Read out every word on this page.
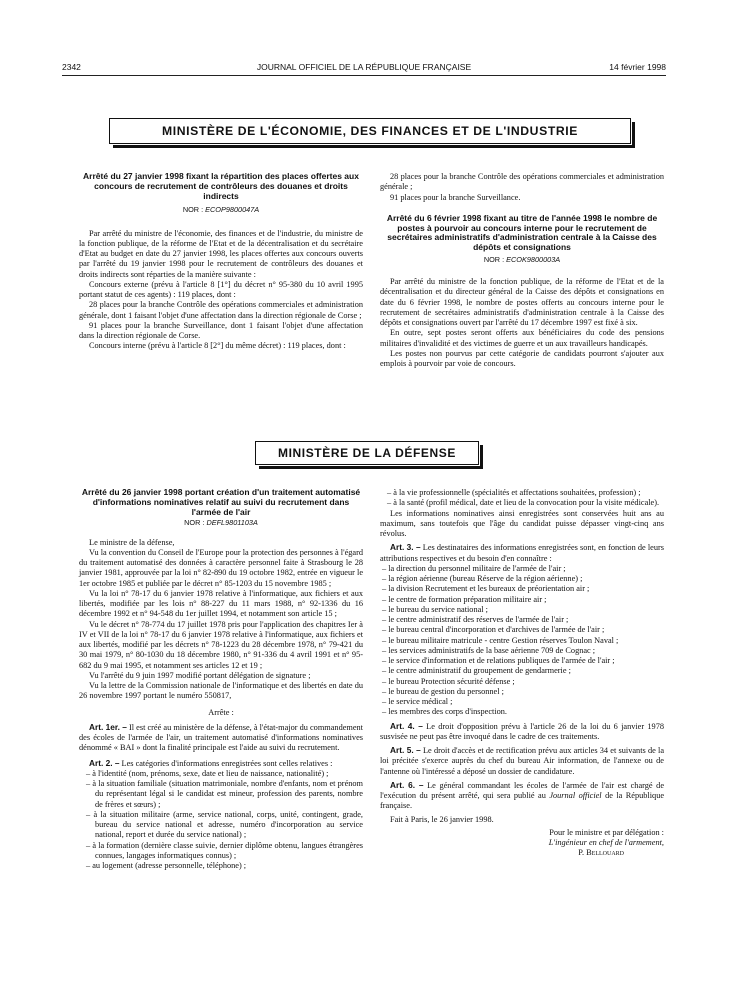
2342	JOURNAL OFFICIEL DE LA RÉPUBLIQUE FRANÇAISE	14 février 1998
MINISTÈRE DE L'ÉCONOMIE, DES FINANCES ET DE L'INDUSTRIE

Arrêté du 27 janvier 1998 fixant la répartition des places offertes aux concours de recrutement de contrôleurs des douanes et droits indirects

NOR : ECOP9800047A

Par arrêté du ministre de l'économie, des finances et de l'industrie, du ministre de la fonction publique, de la réforme de l'Etat et de la décentralisation et du secrétaire d'Etat au budget en date du 27 janvier 1998, les places offertes aux concours ouverts par l'arrêté du 19 janvier 1998 pour le recrutement de contrôleurs des douanes et droits indirects sont réparties de la manière suivante :

Concours externe (prévu à l'article 8 [1°] du décret n° 95-380 du 10 avril 1995 portant statut de ces agents) : 119 places, dont :

28 places pour la branche Contrôle des opérations commerciales et administration générale, dont 1 faisant l'objet d'une affectation dans la direction régionale de Corse ;

91 places pour la branche Surveillance, dont 1 faisant l'objet d'une affectation dans la direction régionale de Corse.

Concours interne (prévu à l'article 8 [2°] du même décret) : 119 places, dont :

28 places pour la branche Contrôle des opérations commerciales et administration générale ;

91 places pour la branche Surveillance.

Arrêté du 6 février 1998 fixant au titre de l'année 1998 le nombre de postes à pourvoir au concours interne pour le recrutement de secrétaires administratifs d'administration centrale à la Caisse des dépôts et consignations

NOR : ECOK9800003A

Par arrêté du ministre de la fonction publique, de la réforme de l'Etat et de la décentralisation et du directeur général de la Caisse des dépôts et consignations en date du 6 février 1998, le nombre de postes offerts au concours interne pour le recrutement de secrétaires administratifs d'administration centrale à la Caisse des dépôts et consignations ouvert par l'arrêté du 17 décembre 1997 est fixé à six.

En outre, sept postes seront offerts aux bénéficiaires du code des pensions militaires d'invalidité et des victimes de guerre et un aux travailleurs handicapés.

Les postes non pourvus par cette catégorie de candidats pourront s'ajouter aux emplois à pourvoir par voie de concours.

MINISTÈRE DE LA DÉFENSE

Arrêté du 26 janvier 1998 portant création d'un traitement automatisé d'informations nominatives relatif au suivi du recrutement dans l'armée de l'air

NOR : DEFL9801103A

Le ministre de la défense,

Vu la convention du Conseil de l'Europe pour la protection des personnes à l'égard du traitement automatisé des données à caractère personnel faite à Strasbourg le 28 janvier 1981, approuvée par la loi n° 82-890 du 19 octobre 1982, entrée en vigueur le 1er octobre 1985 et publiée par le décret n° 85-1203 du 15 novembre 1985 ;

Vu la loi n° 78-17 du 6 janvier 1978 relative à l'informatique, aux fichiers et aux libertés, modifiée par les lois n° 88-227 du 11 mars 1988, n° 92-1336 du 16 décembre 1992 et n° 94-548 du 1er juillet 1994, et notamment son article 15 ;

Vu le décret n° 78-774 du 17 juillet 1978 pris pour l'application des chapitres Ier à IV et VII de la loi n° 78-17 du 6 janvier 1978 relative à l'informatique, aux fichiers et aux libertés, modifié par les décrets n° 78-1223 du 28 décembre 1978, n° 79-421 du 30 mai 1979, n° 80-1030 du 18 décembre 1980, n° 91-336 du 4 avril 1991 et n° 95-682 du 9 mai 1995, et notamment ses articles 12 et 19 ;

Vu l'arrêté du 9 juin 1997 modifié portant délégation de signature ;

Vu la lettre de la Commission nationale de l'informatique et des libertés en date du 26 novembre 1997 portant le numéro 550817,

Arrête :

Art. 1er. – Il est créé au ministère de la défense, à l'état-major du commandement des écoles de l'armée de l'air, un traitement automatisé d'informations nominatives dénommé « BAI » dont la finalité principale est l'aide au suivi du recrutement.

Art. 2. – Les catégories d'informations enregistrées sont celles relatives :

– à l'identité (nom, prénoms, sexe, date et lieu de naissance, nationalité) ;
– à la situation familiale (situation matrimoniale, nombre d'enfants, nom et prénom du représentant légal si le candidat est mineur, profession des parents, nombre de frères et sœurs) ;
– à la situation militaire (arme, service national, corps, unité, contingent, grade, bureau du service national et adresse, numéro d'incorporation au service national, report et durée du service national) ;
– à la formation (dernière classe suivie, dernier diplôme obtenu, langues étrangères connues, langages informatiques connus) ;
– au logement (adresse personnelle, téléphone) ;
– à la vie professionnelle (spécialités et affectations souhaitées, profession) ;
– à la santé (profil médical, date et lieu de la convocation pour la visite médicale).

Les informations nominatives ainsi enregistrées sont conservées huit ans au maximum, sans toutefois que l'âge du candidat puisse dépasser vingt-cinq ans révolus.

Art. 3. – Les destinataires des informations enregistrées sont, en fonction de leurs attributions respectives et du besoin d'en connaître :

– la direction du personnel militaire de l'armée de l'air ;
– la région aérienne (bureau Réserve de la région aérienne) ;
– la division Recrutement et les bureaux de préorientation air ;
– le centre de formation préparation militaire air ;
– le bureau du service national ;
– le centre administratif des réserves de l'armée de l'air ;
– le bureau central d'incorporation et d'archives de l'armée de l'air ;
– le bureau militaire matricule - centre Gestion réserves Toulon Naval ;
– les services administratifs de la base aérienne 709 de Cognac ;
– le service d'information et de relations publiques de l'armée de l'air ;
– le centre administratif du groupement de gendarmerie ;
– le bureau Protection sécurité défense ;
– le bureau de gestion du personnel ;
– le service médical ;
– les membres des corps d'inspection.

Art. 4. – Le droit d'opposition prévu à l'article 26 de la loi du 6 janvier 1978 susvisée ne peut pas être invoqué dans le cadre de ces traitements.

Art. 5. – Le droit d'accès et de rectification prévu aux articles 34 et suivants de la loi précitée s'exerce auprès du chef du bureau Air information, de l'annexe ou de l'antenne où l'intéressé a déposé un dossier de candidature.

Art. 6. – Le général commandant les écoles de l'armée de l'air est chargé de l'exécution du présent arrêté, qui sera publié au Journal officiel de la République française.

Fait à Paris, le 26 janvier 1998.

Pour le ministre et par délégation :

L'ingénieur en chef de l'armement,

P. Bellouard
